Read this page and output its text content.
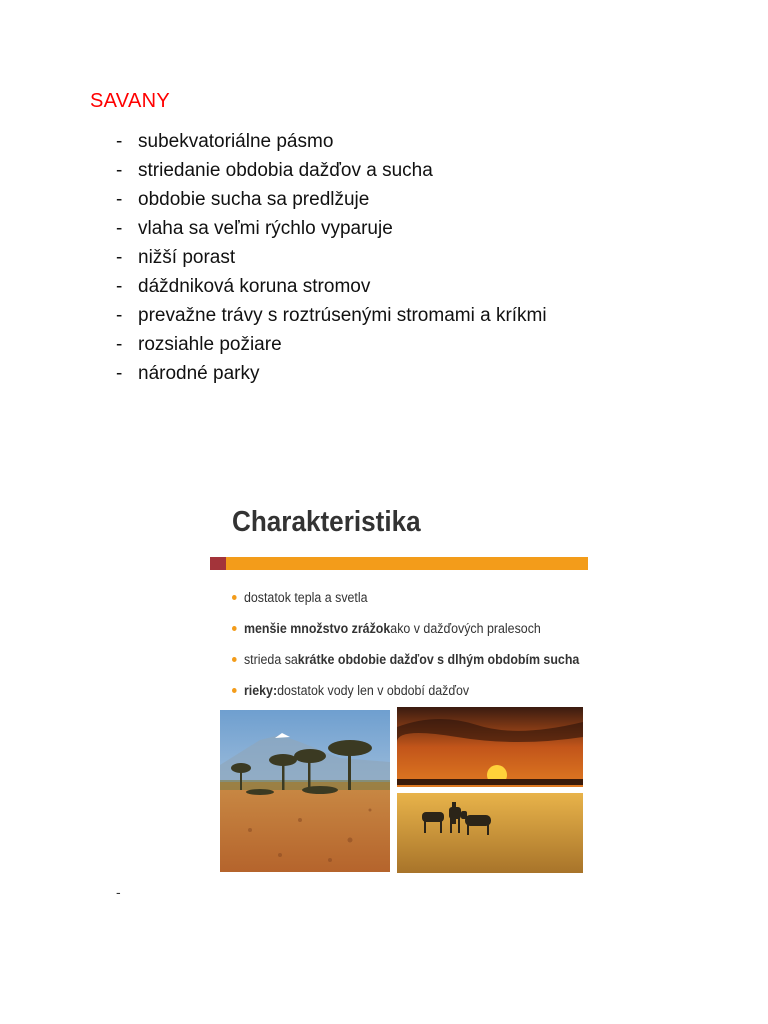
SAVANY
- subekvatoriálne pásmo
- striedanie obdobia dažďov a sucha
- obdobie sucha sa predlžuje
- vlaha sa veľmi rýchlo vyparuje
- nižší porast
- dáždniková koruna stromov
- prevažne trávy s roztrúsenými stromami a kríkmi
- rozsiahle požiare
- národné parky
Charakteristika
dostatok tepla a svetla
menšie množstvo zrážok ako v dažďových pralesoch
strieda sa krátke obdobie dažďov s dlhým obdobím sucha
rieky: dostatok vody len v období dažďov
-
